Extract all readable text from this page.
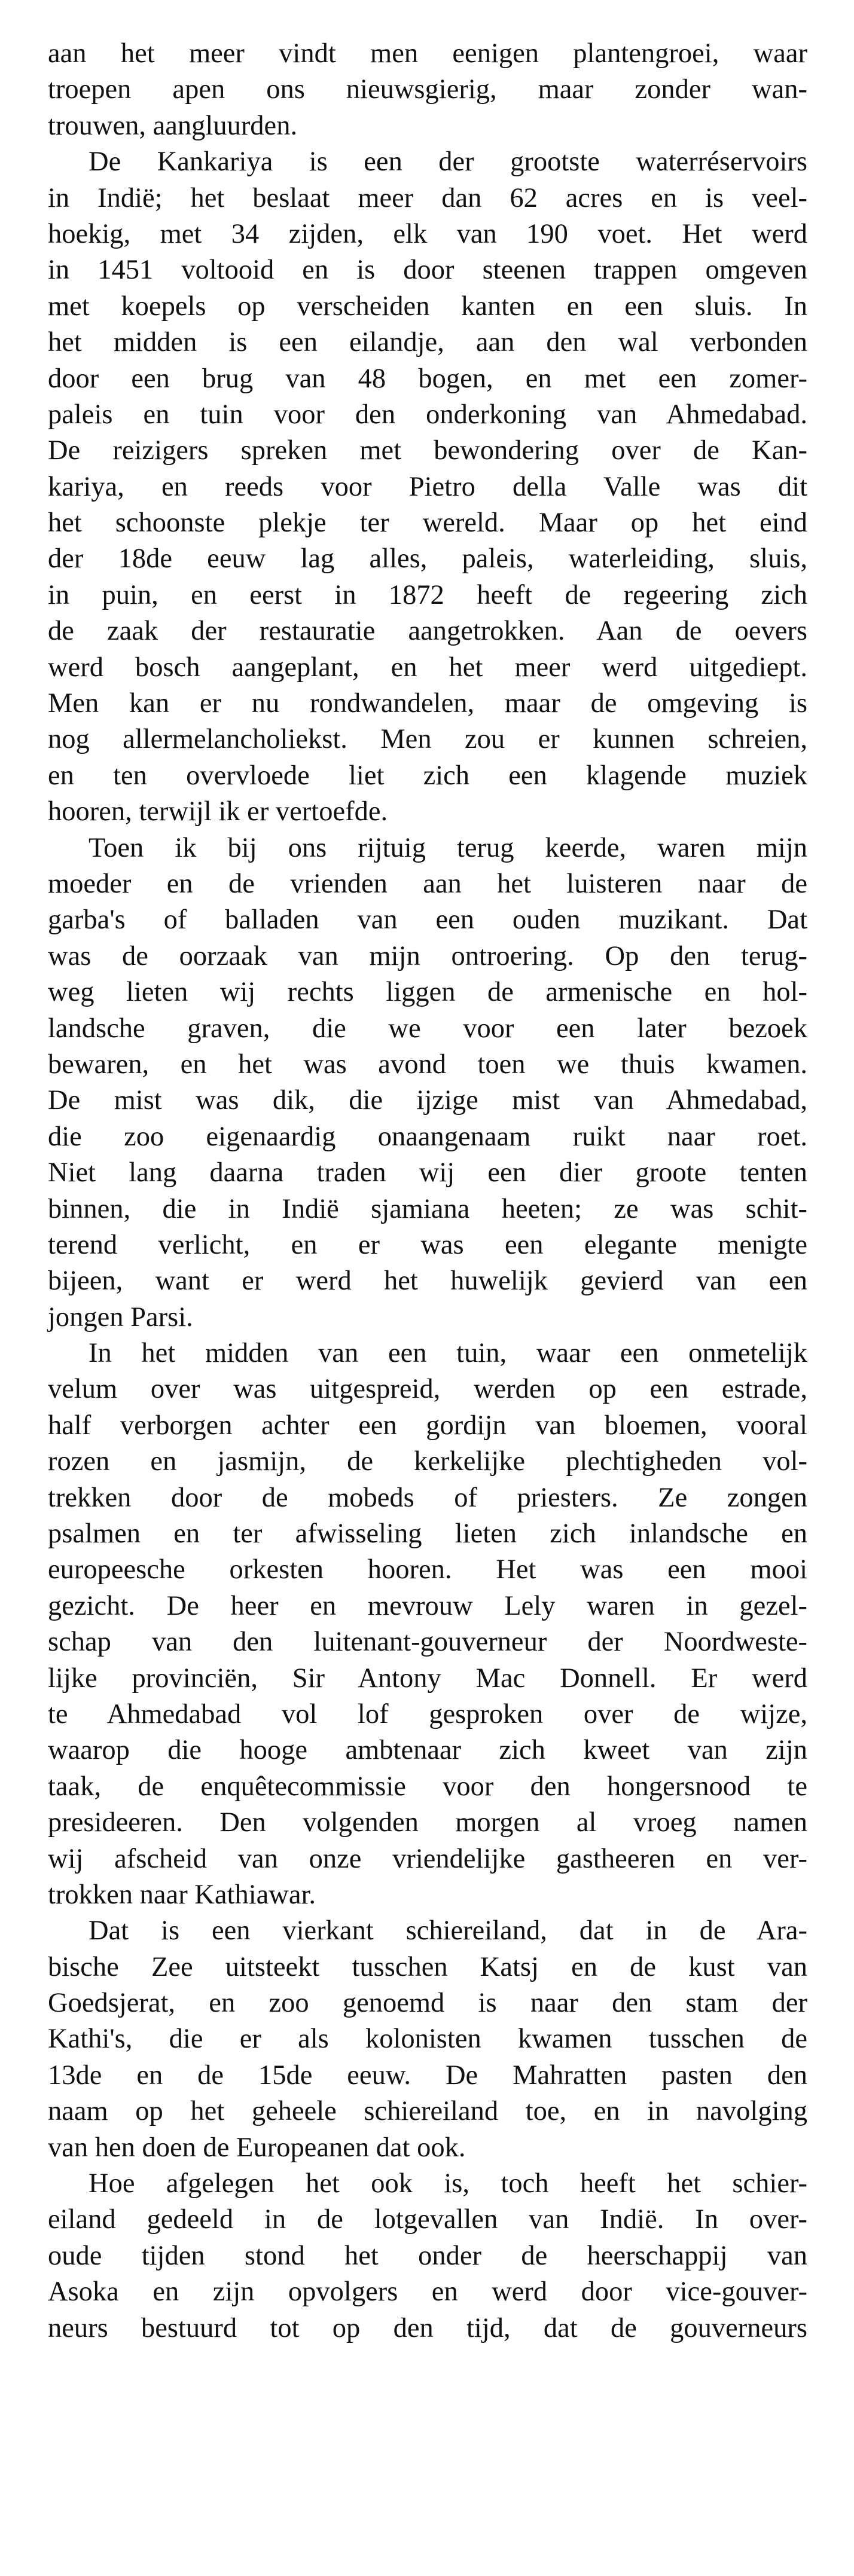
aan het meer vindt men eenigen plantengroei, waar
troepen apen ons nieuwsgierig, maar zonder wan-
trouwen, aangluurden.
De Kankariya is een der grootste waterréservoirs
in Indië; het beslaat meer dan 62 acres en is veel-
hoekig, met 34 zijden, elk van 190 voet. Het werd
in 1451 voltooid en is door steenen trappen omgeven
met koepels op verscheiden kanten en een sluis. In
het midden is een eilandje, aan den wal verbonden
door een brug van 48 bogen, en met een zomer-
paleis en tuin voor den onderkoning van Ahmedabad.
De reizigers spreken met bewondering over de Kan-
kariya, en reeds voor Pietro della Valle was dit
het schoonste plekje ter wereld. Maar op het eind
der 18de eeuw lag alles, paleis, waterleiding, sluis,
in puin, en eerst in 1872 heeft de regeering zich
de zaak der restauratie aangetrokken. Aan de oevers
werd bosch aangeplant, en het meer werd uitgediept.
Men kan er nu rondwandelen, maar de omgeving is
nog allermelancholiekst. Men zou er kunnen schreien,
en ten overvloede liet zich een klagende muziek
hooren, terwijl ik er vertoefde.
Toen ik bij ons rijtuig terug keerde, waren mijn
moeder en de vrienden aan het luisteren naar de
garba's of balladen van een ouden muzikant. Dat
was de oorzaak van mijn ontroering. Op den terug-
weg lieten wij rechts liggen de armenische en hol-
landsche graven, die we voor een later bezoek
bewaren, en het was avond toen we thuis kwamen.
De mist was dik, die ijzige mist van Ahmedabad,
die zoo eigenaardig onaangenaam ruikt naar roet.
Niet lang daarna traden wij een dier groote tenten
binnen, die in Indië sjamiana heeten; ze was schit-
terend verlicht, en er was een elegante menigte
bijeen, want er werd het huwelijk gevierd van een
jongen Parsi.
In het midden van een tuin, waar een onmetelijk
velum over was uitgespreid, werden op een estrade,
half verborgen achter een gordijn van bloemen, vooral
rozen en jasmijn, de kerkelijke plechtigheden vol-
trekken door de mobeds of priesters. Ze zongen
psalmen en ter afwisseling lieten zich inlandsche en
europeesche orkesten hooren. Het was een mooi
gezicht. De heer en mevrouw Lely waren in gezel-
schap van den luitenant-gouverneur der Noordweste-
lijke provinciën, Sir Antony Mac Donnell. Er werd
te Ahmedabad vol lof gesproken over de wijze,
waarop die hooge ambtenaar zich kweet van zijn
taak, de enquêtecommissie voor den hongersnood te
presideeren. Den volgenden morgen al vroeg namen
wij afscheid van onze vriendelijke gastheeren en ver-
trokken naar Kathiawar.
Dat is een vierkant schiereiland, dat in de Ara-
bische Zee uitsteekt tusschen Katsj en de kust van
Goedsjerat, en zoo genoemd is naar den stam der
Kathi's, die er als kolonisten kwamen tusschen de
13de en de 15de eeuw. De Mahratten pasten den
naam op het geheele schiereiland toe, en in navolging
van hen doen de Europeanen dat ook.
Hoe afgelegen het ook is, toch heeft het schier-
eiland gedeeld in de lotgevallen van Indië. In over-
oude tijden stond het onder de heerschappij van
Asoka en zijn opvolgers en werd door vice-gouver-
neurs bestuurd tot op den tijd, dat de gouverneurs
